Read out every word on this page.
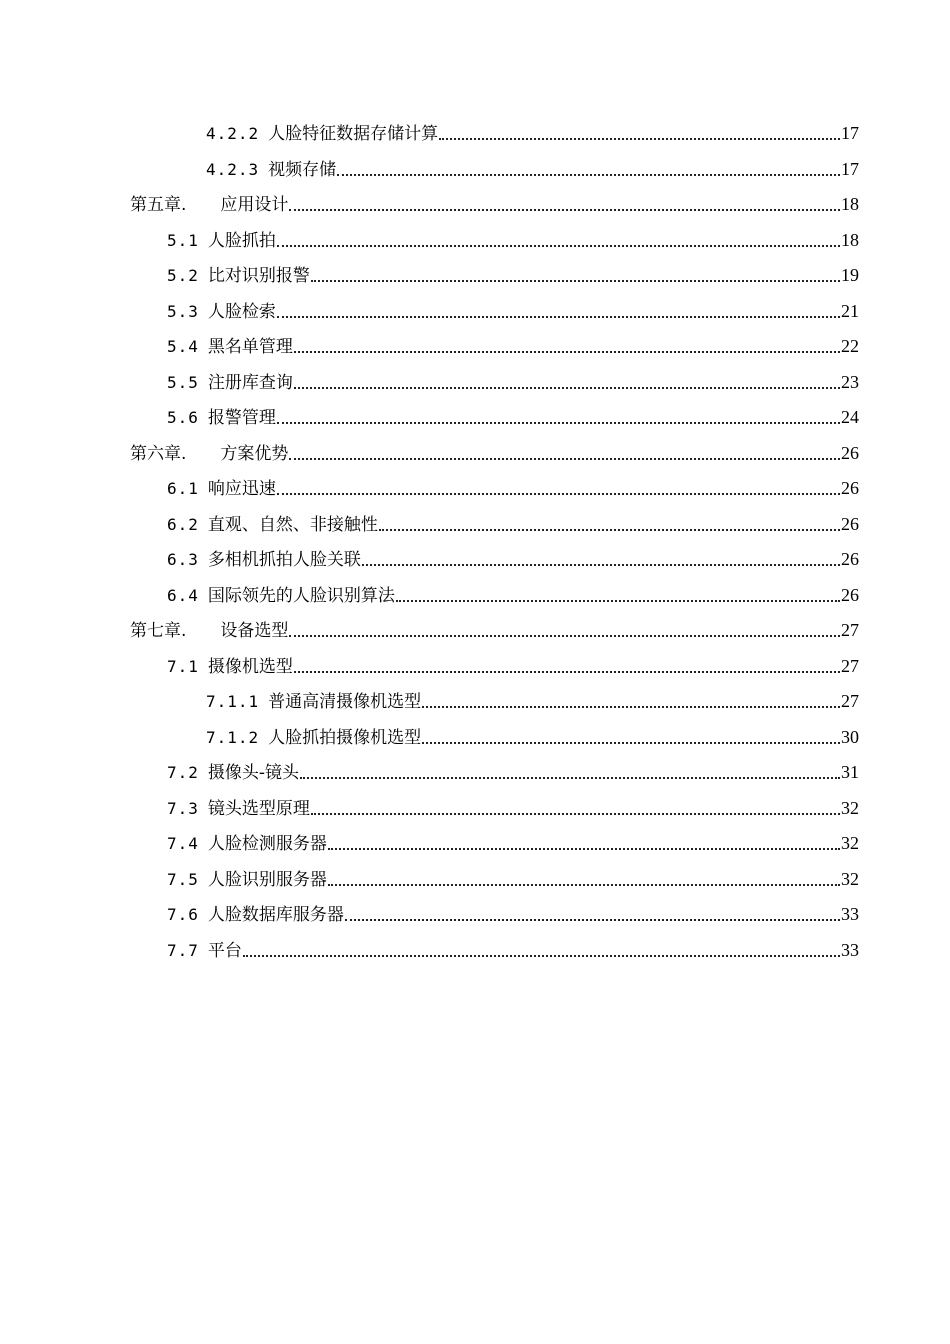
4.2.2 人脸特征数据存储计算	17
4.2.3 视频存储	17
第五章. 应用设计	18
5.1 人脸抓拍	18
5.2 比对识别报警	19
5.3 人脸检索	21
5.4 黑名单管理	22
5.5 注册库查询	23
5.6 报警管理	24
第六章. 方案优势	26
6.1 响应迅速	26
6.2 直观、自然、非接触性	26
6.3 多相机抓拍人脸关联	26
6.4 国际领先的人脸识别算法	26
第七章. 设备选型	27
7.1 摄像机选型	27
7.1.1 普通高清摄像机选型	27
7.1.2 人脸抓拍摄像机选型	30
7.2 摄像头-镜头	31
7.3 镜头选型原理	32
7.4 人脸检测服务器	32
7.5 人脸识别服务器	32
7.6 人脸数据库服务器	33
7.7 平台	33
